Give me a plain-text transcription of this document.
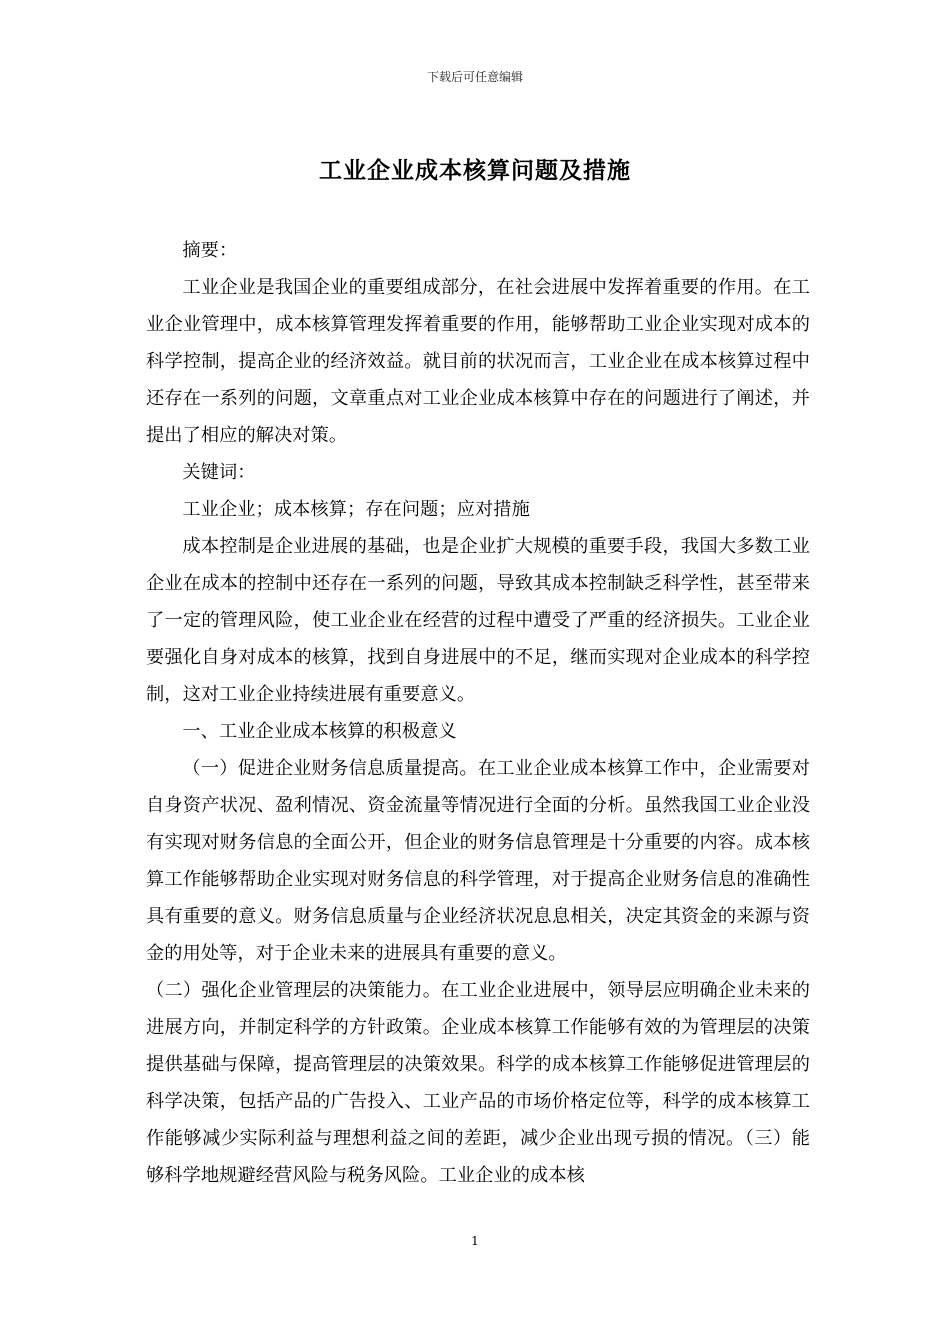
下载后可任意编辑
工业企业成本核算问题及措施

摘要：

工业企业是我国企业的重要组成部分，在社会进展中发挥着重要的作用。在工业企业管理中，成本核算管理发挥着重要的作用，能够帮助工业企业实现对成本的科学控制，提高企业的经济效益。就目前的状况而言，工业企业在成本核算过程中还存在一系列的问题，文章重点对工业企业成本核算中存在的问题进行了阐述，并提出了相应的解决对策。

关键词：

工业企业；成本核算；存在问题；应对措施

成本控制是企业进展的基础，也是企业扩大规模的重要手段，我国大多数工业企业在成本的控制中还存在一系列的问题，导致其成本控制缺乏科学性，甚至带来了一定的管理风险，使工业企业在经营的过程中遭受了严重的经济损失。工业企业要强化自身对成本的核算，找到自身进展中的不足，继而实现对企业成本的科学控制，这对工业企业持续进展有重要意义。

一、工业企业成本核算的积极意义

（一）促进企业财务信息质量提高。在工业企业成本核算工作中，企业需要对自身资产状况、盈利情况、资金流量等情况进行全面的分析。虽然我国工业企业没有实现对财务信息的全面公开，但企业的财务信息管理是十分重要的内容。成本核算工作能够帮助企业实现对财务信息的科学管理，对于提高企业财务信息的准确性具有重要的意义。财务信息质量与企业经济状况息息相关，决定其资金的来源与资金的用处等，对于企业未来的进展具有重要的意义。

（二）强化企业管理层的决策能力。在工业企业进展中，领导层应明确企业未来的进展方向，并制定科学的方针政策。企业成本核算工作能够有效的为管理层的决策提供基础与保障，提高管理层的决策效果。科学的成本核算工作能够促进管理层的科学决策，包括产品的广告投入、工业产品的市场价格定位等，科学的成本核算工作能够减少实际利益与理想利益之间的差距，减少企业出现亏损的情况。（三）能够科学地规避经营风险与税务风险。工业企业的成本核

1
